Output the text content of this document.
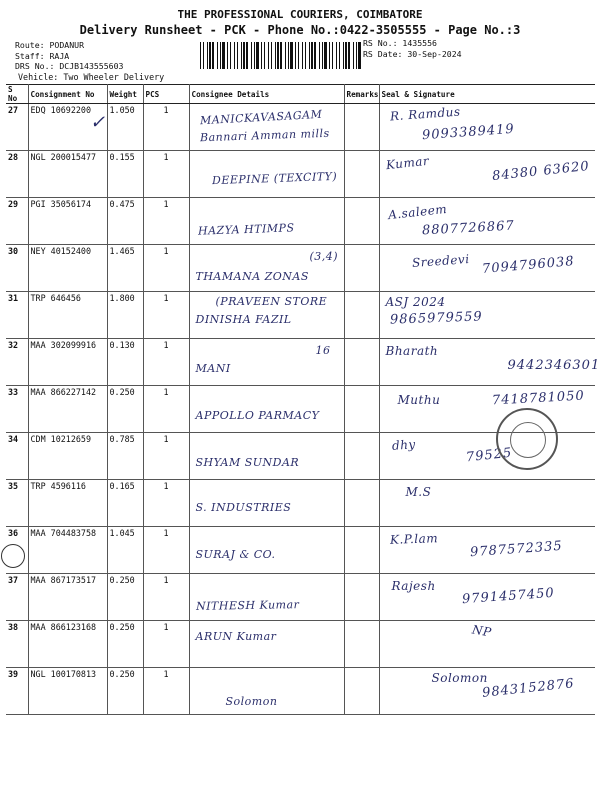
THE PROFESSIONAL COURIERS, COIMBATORE
Delivery Runsheet - PCK - Phone No.:0422-3505555 - Page No.:3
Route: PODANUR
Staff: RAJA
DRS No.: DCJB143555603
Vehicle: Two Wheeler Delivery
RS No.: 1435556
RS Date: 30-Sep-2024
S No	Consignment No	Weight	PCS	Consignee Details	Remarks	Seal & Signature
27	EDQ 10692200	1.050	1	MANICKAVASAGAM
Bannari Amman mills		R. Ramdus
9093389419

28	NGL 200015477	0.155	1	DEEPINE (TEXCITY)		Kumar 84380 63620

29	PGI 35056174	0.475	1	HAZYA HTIMPS		A.saleem
8807726867

30	NEY 40152400	1.465	1	THAMANA ZONAS
(3,4)		Sreedevi 7094796038

31	TRP 646456	1.800	1	(PRAVEEN STORE
DINISHA FAZIL		ASJ 2024
9865979559

32	MAA 302099916	0.130	1	MANI
16		Bharath
9442346301

33	MAA 866227142	0.250	1	APPOLLO PARMACY		Muthu 7418781050

34	CDM 10212659	0.785	1	SHYAM SUNDAR		dhy
79525

35	TRP 4596116	0.165	1	S. INDUSTRIES		M.S

36	MAA 704483758	1.045	1	SURAJ & CO.		K.P.lam 9787572335

37	MAA 867173517	0.250	1	NITHESH Kumar		Rajesh 9791457450

38	MAA 866123168	0.250	1	ARUN Kumar		NP

39	NGL 100170813	0.250	1	Solomon		Solomon
9843152876
✓
